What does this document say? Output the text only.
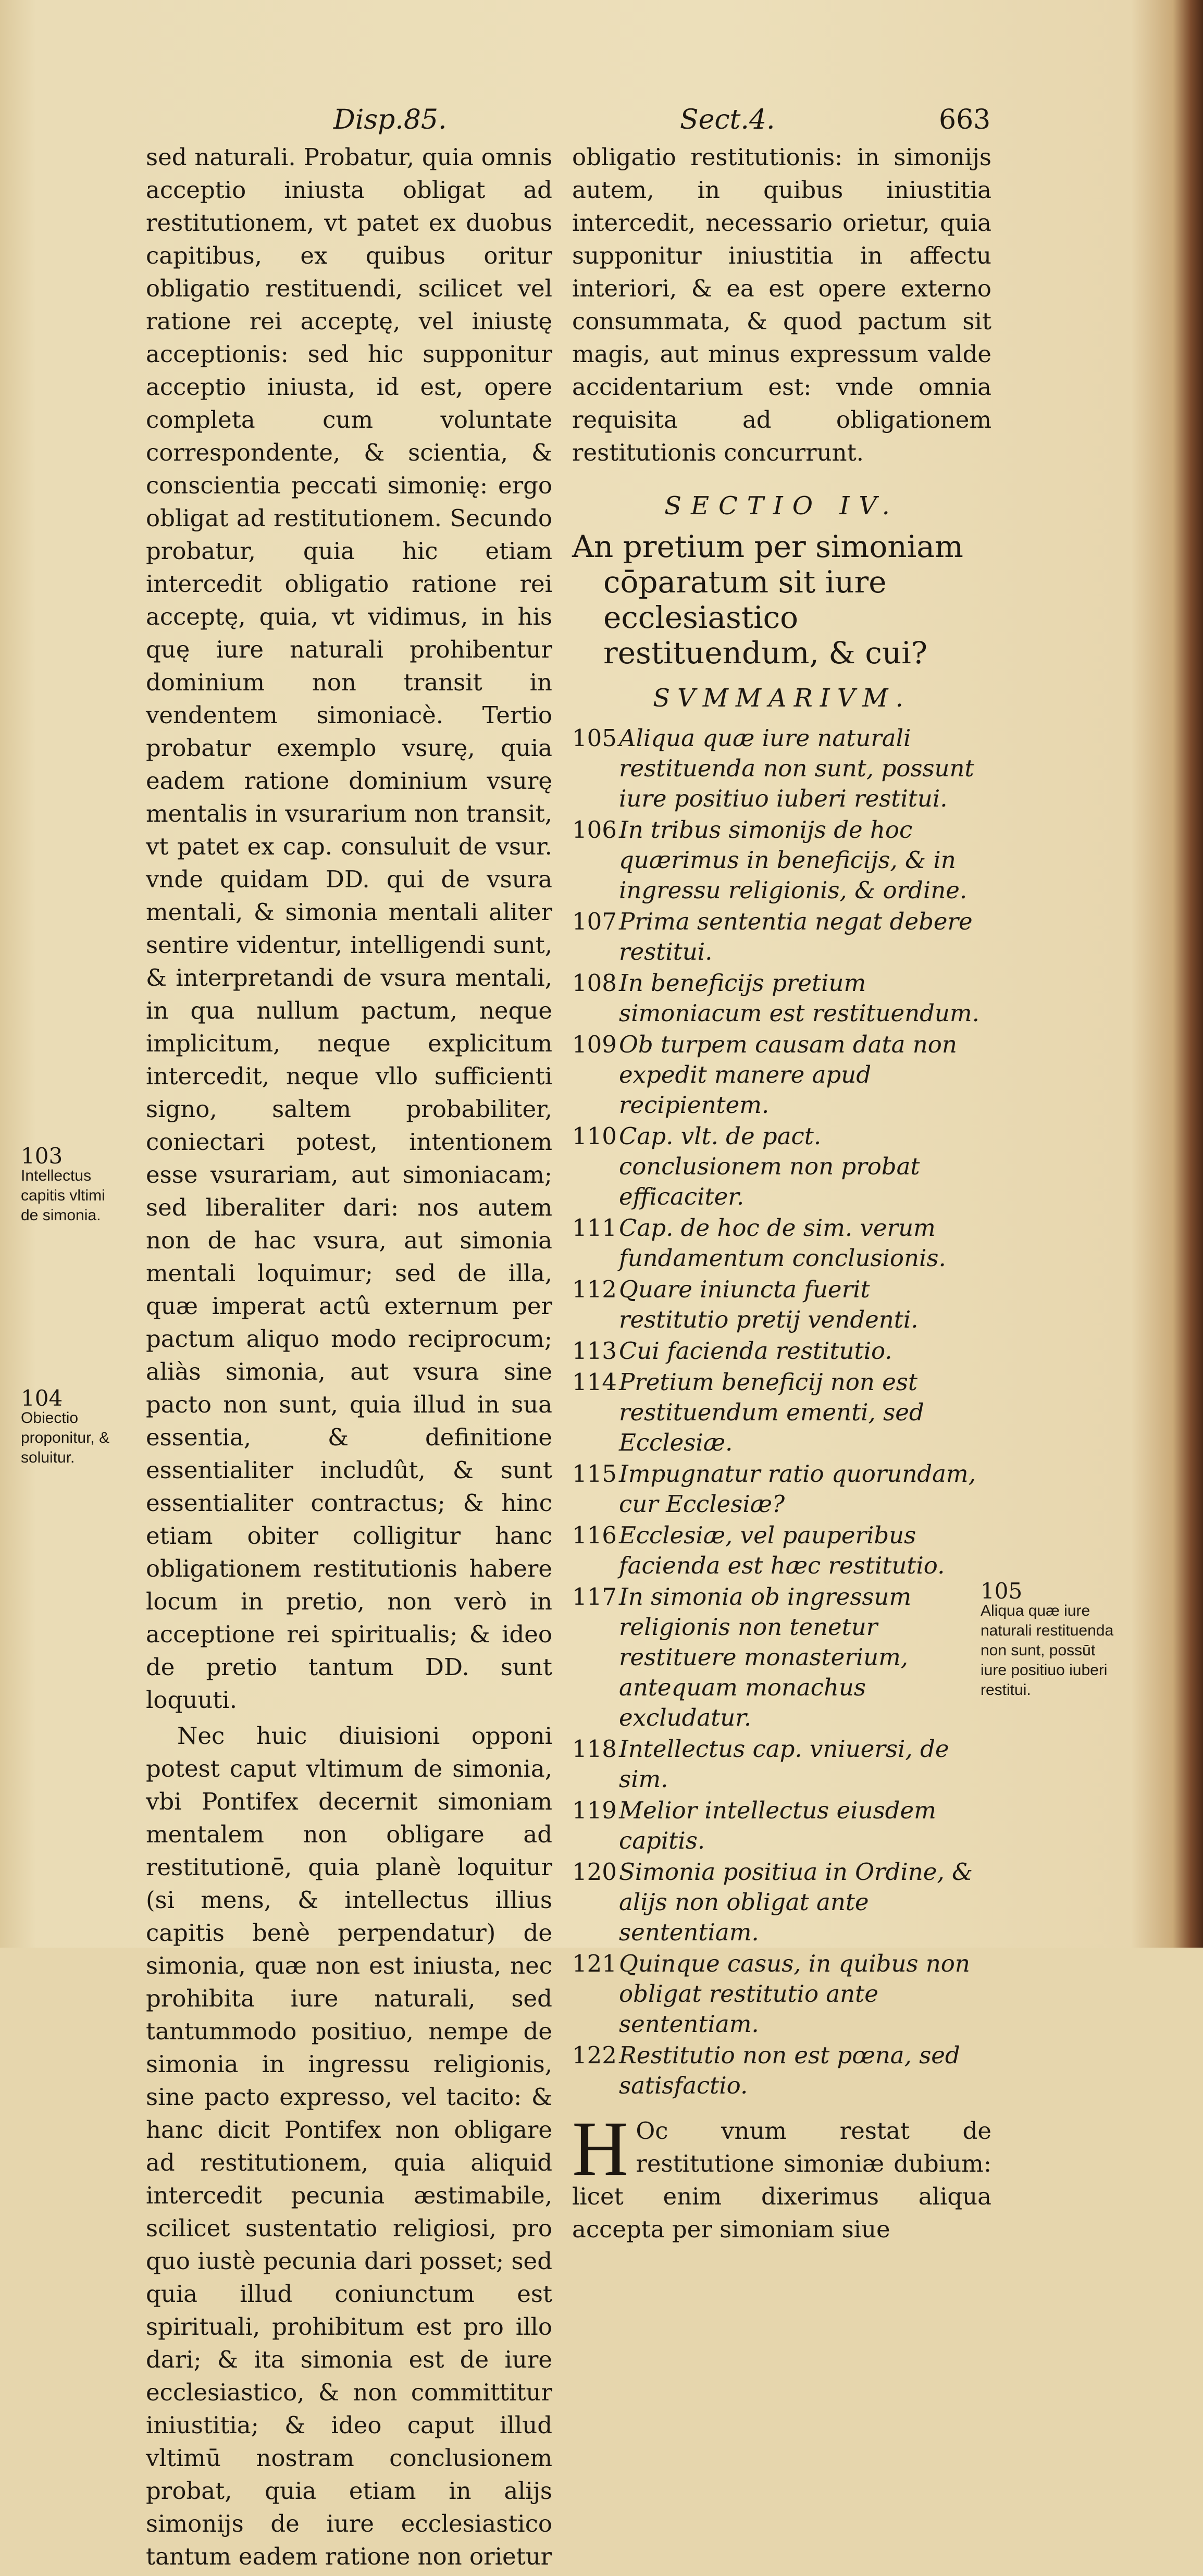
Disp.85.	Sect.4.	663

sed naturali. Probatur, quia omnis acceptio iniusta obligat ad restitutionem, vt patet ex duobus capitibus, ex quibus oritur obligatio restituendi, scilicet vel ratione rei acceptę, vel iniustę acceptionis: sed hic supponitur acceptio iniusta, id est, opere completa cum voluntate correspondente, & scientia, & conscientia peccati simonię: ergo obligat ad restitutionem. Secundo probatur, quia hic etiam intercedit obligatio ratione rei acceptę, quia, vt vidimus, in his quę iure naturali prohibentur dominium non transit in vendentem simoniacè. Tertio probatur exemplo vsurę, quia eadem ratione dominium vsurę mentalis in vsurarium non transit, vt patet ex cap. consuluit de vsur. vnde quidam DD. qui de vsura mentali, & simonia mentali aliter sentire videntur, intelligendi sunt, & interpretandi de vsura mentali, in qua nullum pactum, neque implicitum, neque explicitum intercedit, neque vllo sufficienti signo, saltem probabiliter, coniectari potest, intentionem esse vsurariam, aut simoniacam; sed liberaliter dari: nos autem non de hac vsura, aut simonia mentali loquimur; sed de illa, quæ imperat actû externum per pactum aliquo modo reciprocum; aliàs simonia, aut vsura sine pacto non sunt, quia illud in sua essentia, & definitione essentialiter includût, & sunt essentialiter contractus; & hinc etiam obiter colligitur hanc obligationem restitutionis habere locum in pretio, non verò in acceptione rei spiritualis; & ideo de pretio tantum DD. sunt loquuti.

Nec huic diuisioni opponi potest caput vltimum de simonia, vbi Pontifex decernit simoniam mentalem non obligare ad restitutionē, quia planè loquitur (si mens, & intellectus illius capitis benè perpendatur) de simonia, quæ non est iniusta, nec prohibita iure naturali, sed tantummodo positiuo, nempe de simonia in ingressu religionis, sine pacto expresso, vel tacito: & hanc dicit Pontifex non obligare ad restitutionem, quia aliquid intercedit pecunia æstimabile, scilicet sustentatio religiosi, pro quo iustè pecunia dari posset; sed quia illud coniunctum est spirituali, prohibitum est pro illo dari; & ita simonia est de iure ecclesiastico, & non committitur iniustitia; & ideo caput illud vltimū nostram conclusionem probat, quia etiam in alijs simonijs de iure ecclesiastico tantum eadem ratione non orietur

obligatio restitutionis: in simonijs autem, in quibus iniustitia intercedit, necessario orietur, quia supponitur iniustitia in affectu interiori, & ea est opere externo consummata, & quod pactum sit magis, aut minus expressum valde accidentarium est: vnde omnia requisita ad obligationem restitutionis concurrunt.

SECTIO IV.

An pretium per simoniam cōparatum sit iure ecclesiastico restituendum, & cui?

SVMMARIVM.

105 Aliqua quæ iure naturali restituenda non sunt, possunt iure positiuo iuberi restitui.
106 In tribus simonijs de hoc quærimus in beneficijs, & in ingressu religionis, & ordine.
107 Prima sententia negat debere restitui.
108 In beneficijs pretium simoniacum est restituendum.
109 Ob turpem causam data non expedit manere apud recipientem.
110 Cap. vlt. de pact. conclusionem non probat efficaciter.
111 Cap. de hoc de sim. verum fundamentum conclusionis.
112 Quare iniuncta fuerit restitutio pretij vendenti.
113 Cui facienda restitutio.
114 Pretium beneficij non est restituendum ementi, sed Ecclesiæ.
115 Impugnatur ratio quorundam, cur Ecclesiæ?
116 Ecclesiæ, vel pauperibus facienda est hæc restitutio.
117 In simonia ob ingressum religionis non tenetur restituere monasterium, antequam monachus excludatur.
118 Intellectus cap. vniuersi, de sim.
119 Melior intellectus eiusdem capitis.
120 Simonia positiua in Ordine, & alijs non obligat ante sententiam.
121 Quinque casus, in quibus non obligat restitutio ante sententiam.
122 Restitutio non est pœna, sed satisfactio.

H Oc vnum restat de restitutione simoniæ dubium: licet enim dixerimus aliqua accepta per simoniam siue

103
Intellectus capitis vltimi de simonia.
104
Obiectio proponitur, & soluitur.
105
Aliqua quæ iure naturali restituenda non sunt, possūt iure positiuo iuberi restitui.
